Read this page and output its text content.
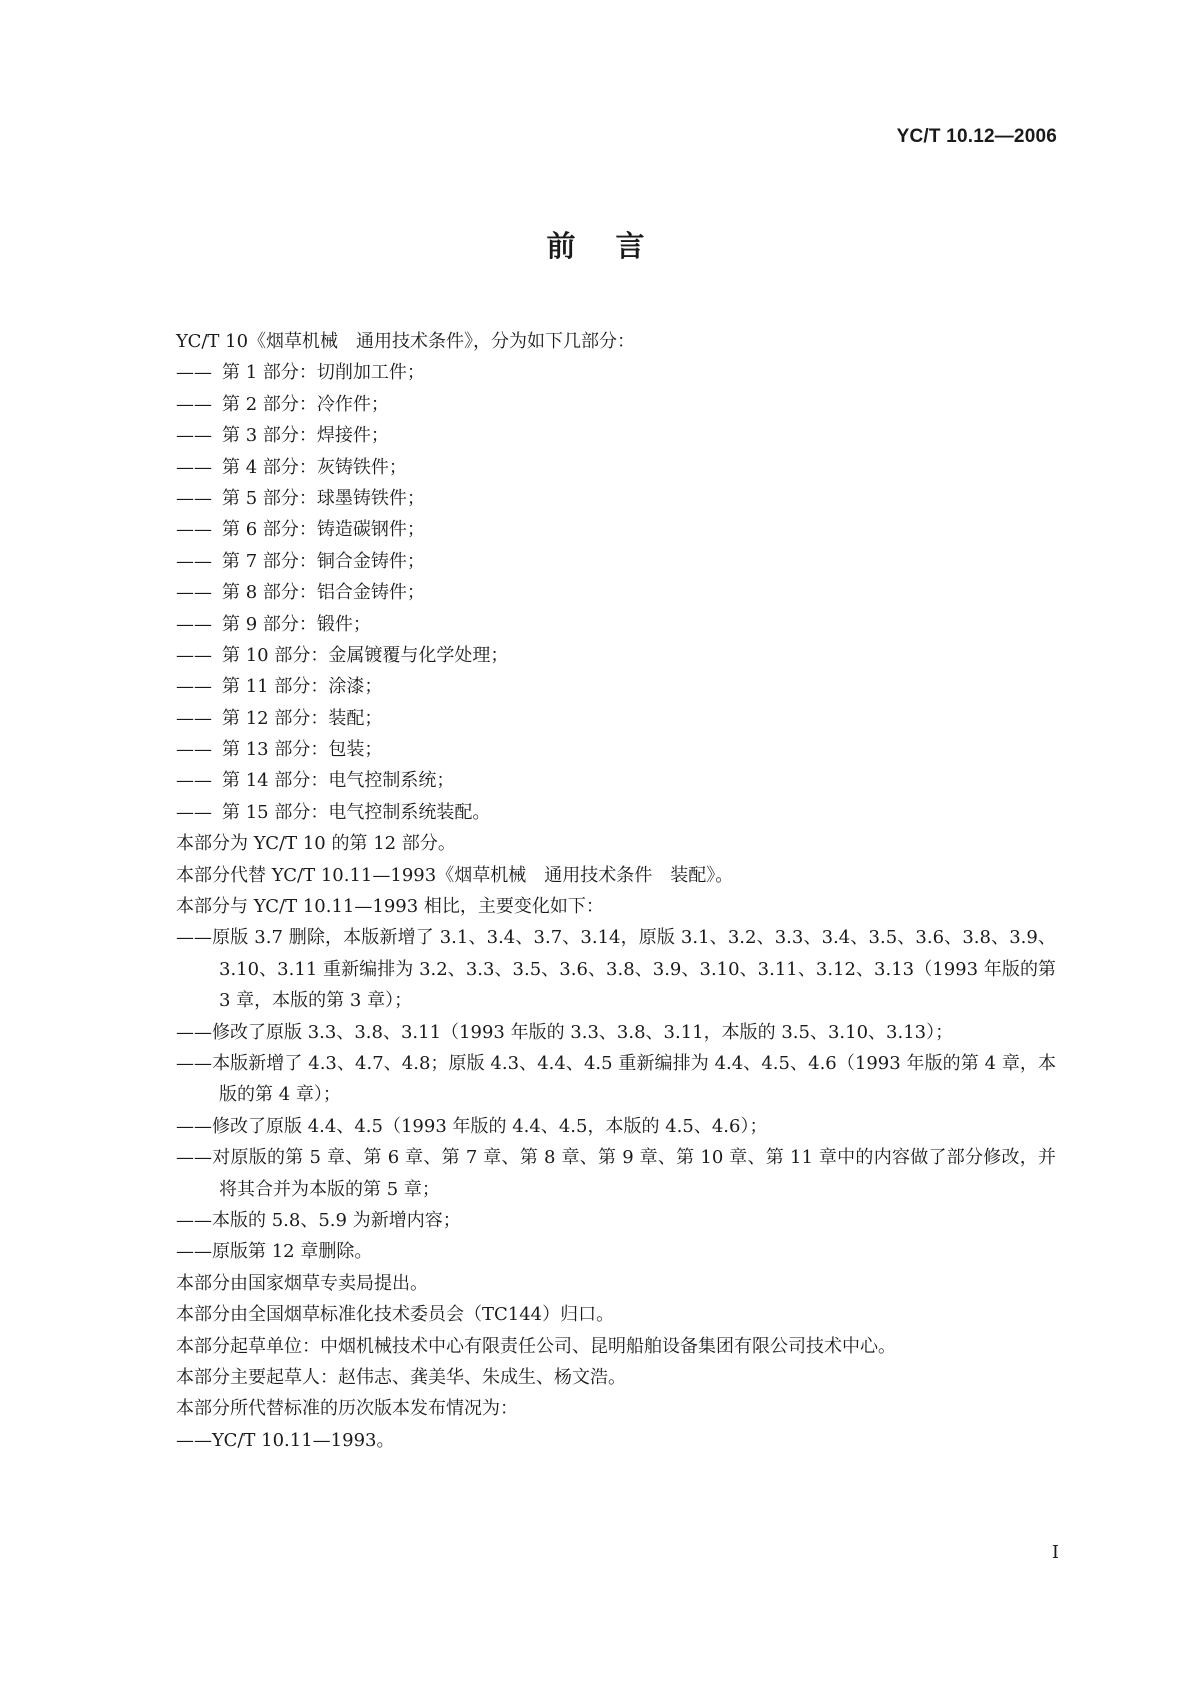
YC/T 10.12—2006
前言
YC/T 10《烟草机械　通用技术条件》，分为如下几部分：
—— 第 1 部分：切削加工件；
—— 第 2 部分：冷作件；
—— 第 3 部分：焊接件；
—— 第 4 部分：灰铸铁件；
—— 第 5 部分：球墨铸铁件；
—— 第 6 部分：铸造碳钢件；
—— 第 7 部分：铜合金铸件；
—— 第 8 部分：铝合金铸件；
—— 第 9 部分：锻件；
—— 第 10 部分：金属镀覆与化学处理；
—— 第 11 部分：涂漆；
—— 第 12 部分：装配；
—— 第 13 部分：包装；
—— 第 14 部分：电气控制系统；
—— 第 15 部分：电气控制系统装配。
本部分为 YC/T 10 的第 12 部分。
本部分代替 YC/T 10.11—1993《烟草机械　通用技术条件　装配》。
本部分与 YC/T 10.11—1993 相比，主要变化如下：
——原版 3.7 删除，本版新增了 3.1、3.4、3.7、3.14，原版 3.1、3.2、3.3、3.4、3.5、3.6、3.8、3.9、3.10、3.11 重新编排为 3.2、3.3、3.5、3.6、3.8、3.9、3.10、3.11、3.12、3.13（1993 年版的第 3 章，本版的第 3 章）；
——修改了原版 3.3、3.8、3.11（1993 年版的 3.3、3.8、3.11，本版的 3.5、3.10、3.13）；
——本版新增了 4.3、4.7、4.8；原版 4.3、4.4、4.5 重新编排为 4.4、4.5、4.6（1993 年版的第 4 章，本版的第 4 章）；
——修改了原版 4.4、4.5（1993 年版的 4.4、4.5，本版的 4.5、4.6）；
——对原版的第 5 章、第 6 章、第 7 章、第 8 章、第 9 章、第 10 章、第 11 章中的内容做了部分修改，并将其合并为本版的第 5 章；
——本版的 5.8、5.9 为新增内容；
——原版第 12 章删除。
本部分由国家烟草专卖局提出。
本部分由全国烟草标准化技术委员会（TC144）归口。
本部分起草单位：中烟机械技术中心有限责任公司、昆明船舶设备集团有限公司技术中心。
本部分主要起草人：赵伟志、龚美华、朱成生、杨文浩。
本部分所代替标准的历次版本发布情况为：
——YC/T 10.11—1993。
I
